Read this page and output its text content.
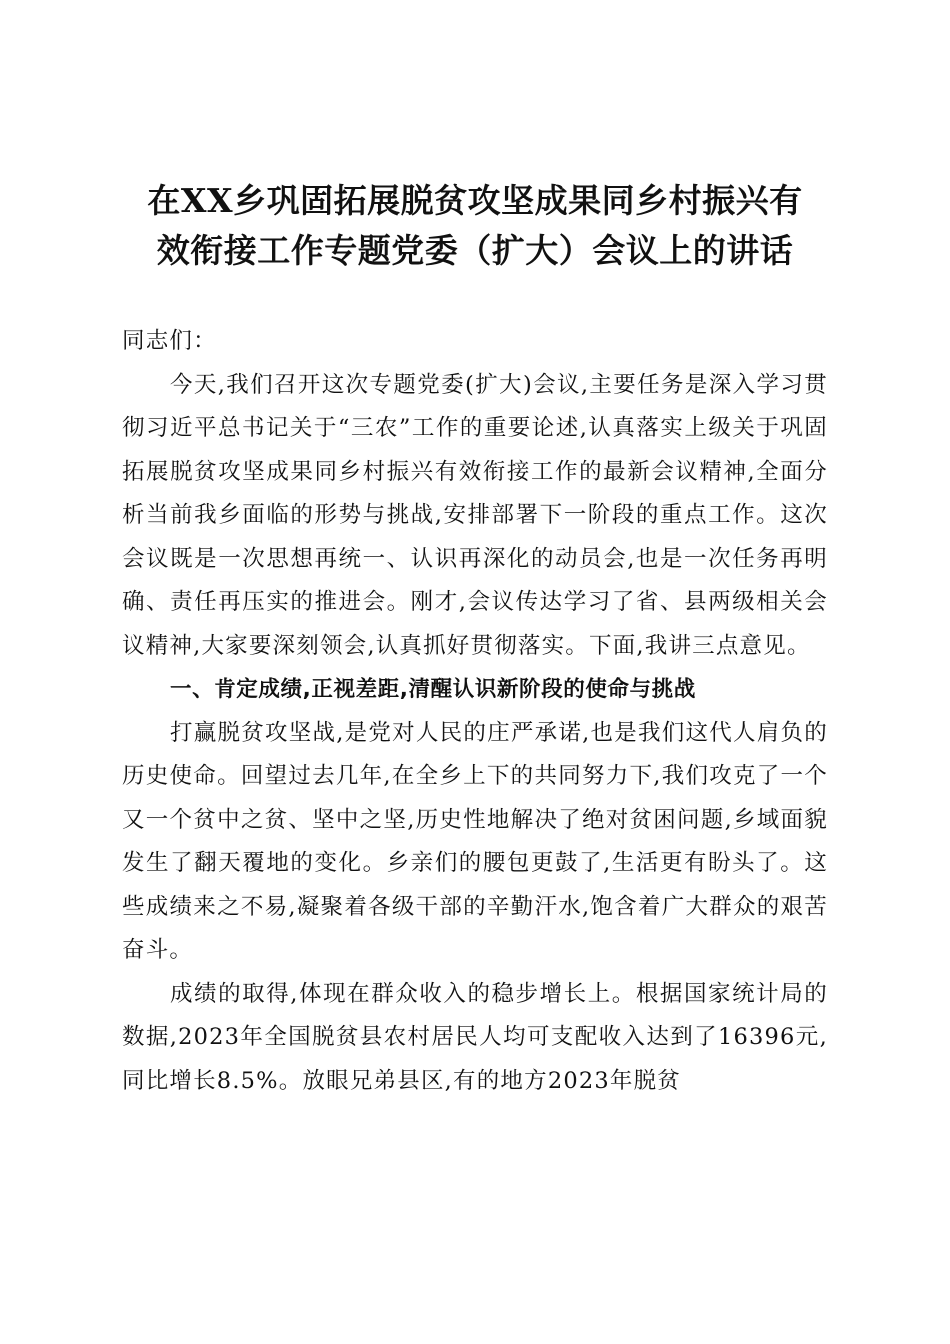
在XX乡巩固拓展脱贫攻坚成果同乡村振兴有
效衔接工作专题党委（扩大）会议上的讲话

同志们：

今天,我们召开这次专题党委(扩大)会议,主要任务是深入学习贯彻习近平总书记关于“三农”工作的重要论述,认真落实上级关于巩固拓展脱贫攻坚成果同乡村振兴有效衔接工作的最新会议精神,全面分析当前我乡面临的形势与挑战,安排部署下一阶段的重点工作。这次会议既是一次思想再统一、认识再深化的动员会,也是一次任务再明确、责任再压实的推进会。刚才,会议传达学习了省、县两级相关会议精神,大家要深刻领会,认真抓好贯彻落实。下面,我讲三点意见。

一、肯定成绩,正视差距,清醒认识新阶段的使命与挑战

打赢脱贫攻坚战,是党对人民的庄严承诺,也是我们这代人肩负的历史使命。回望过去几年,在全乡上下的共同努力下,我们攻克了一个又一个贫中之贫、坚中之坚,历史性地解决了绝对贫困问题,乡域面貌发生了翻天覆地的变化。乡亲们的腰包更鼓了,生活更有盼头了。这些成绩来之不易,凝聚着各级干部的辛勤汗水,饱含着广大群众的艰苦奋斗。

成绩的取得,体现在群众收入的稳步增长上。根据国家统计局的数据,2023年全国脱贫县农村居民人均可支配收入达到了16396元,同比增长8.5%。放眼兄弟县区,有的地方2023年脱贫
